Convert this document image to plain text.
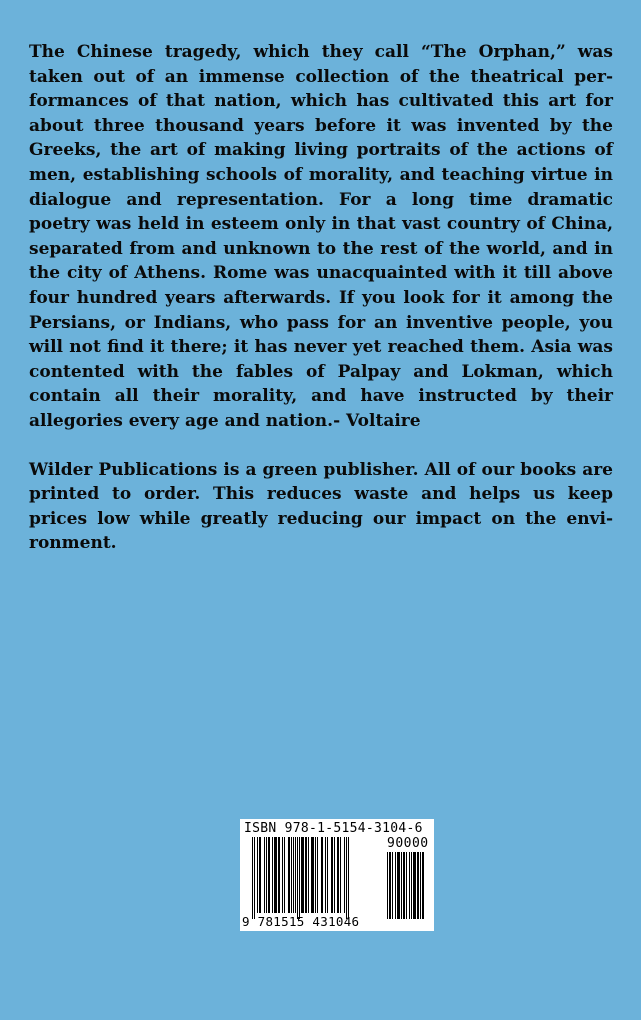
The Chinese tragedy, which they call “The Orphan,” was taken out of an immense collection of the theatrical performances of that nation, which has cultivated this art for about three thousand years before it was invented by the Greeks, the art of making living portraits of the actions of men, establishing schools of morality, and teaching virtue in dialogue and representation. For a long time dramatic poetry was held in esteem only in that vast country of China, separated from and unknown to the rest of the world, and in the city of Athens. Rome was unacquainted with it till above four hundred years afterwards. If you look for it among the Persians, or Indians, who pass for an inventive people, you will not find it there; it has never yet reached them. Asia was contented with the fables of Palpay and Lokman, which contain all their morality, and have instructed by their allegories every age and nation.- Voltaire

Wilder Publications is a green publisher. All of our books are printed to order. This reduces waste and helps us keep prices low while greatly reducing our impact on the environment.

ISBN 978-1-5154-3104-6
90000
9 781515 431046
